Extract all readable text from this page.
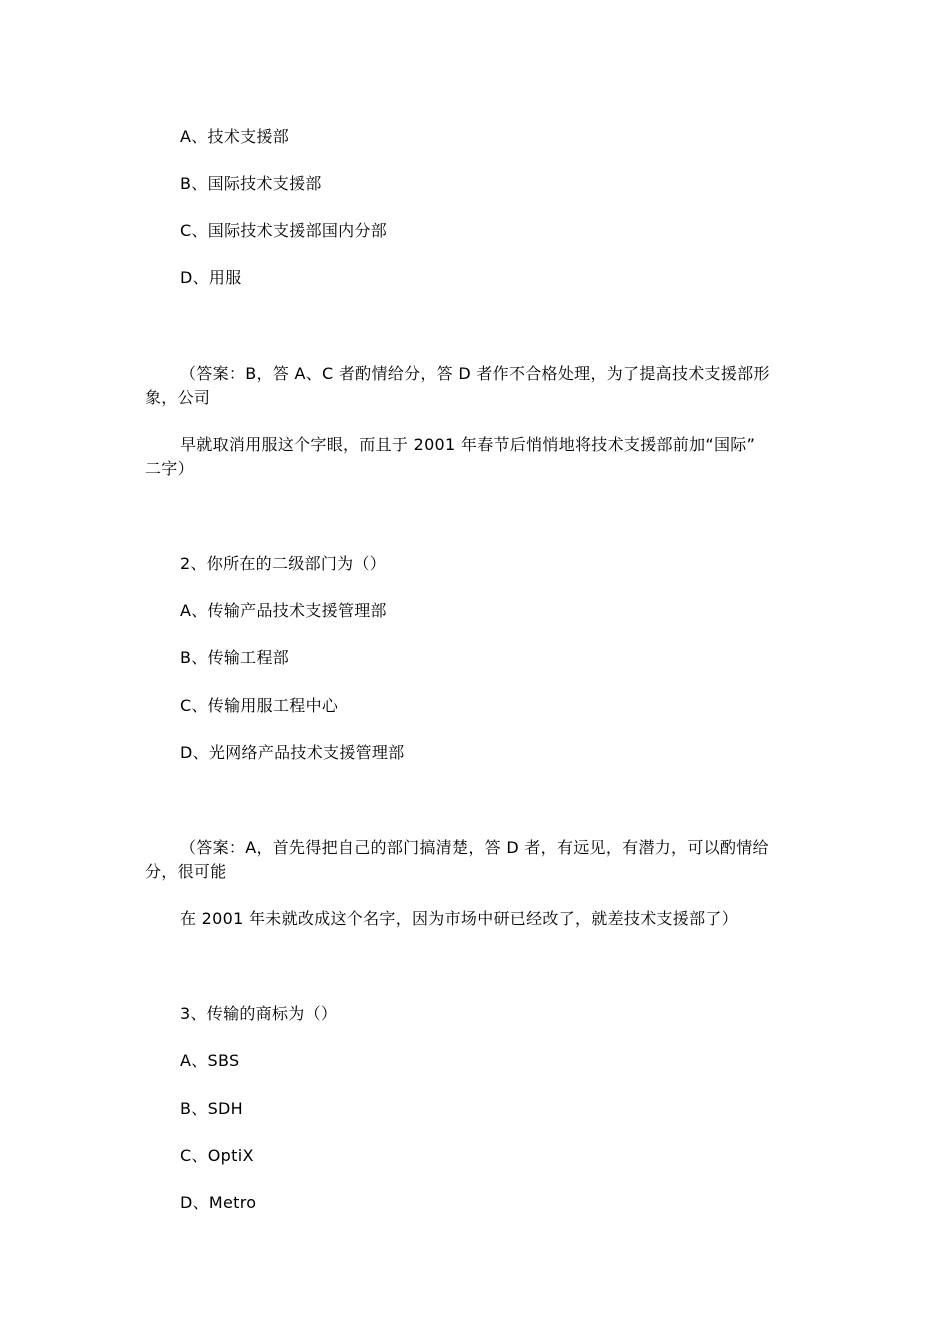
A、技术支援部
B、国际技术支援部
C、国际技术支援部国内分部
D、用服
（答案：B，答 A、C 者酌情给分，答 D 者作不合格处理，为了提高技术支援部形
象，公司
早就取消用服这个字眼，而且于 2001 年春节后悄悄地将技术支援部前加“国际”
二字）
2、你所在的二级部门为（）
A、传输产品技术支援管理部
B、传输工程部
C、传输用服工程中心
D、光网络产品技术支援管理部
（答案：A，首先得把自己的部门搞清楚，答 D 者，有远见，有潜力，可以酌情给
分，很可能
在 2001 年未就改成这个名字，因为市场中研已经改了，就差技术支援部了）
3、传输的商标为（）
A、SBS
B、SDH
C、OptiX
D、Metro
